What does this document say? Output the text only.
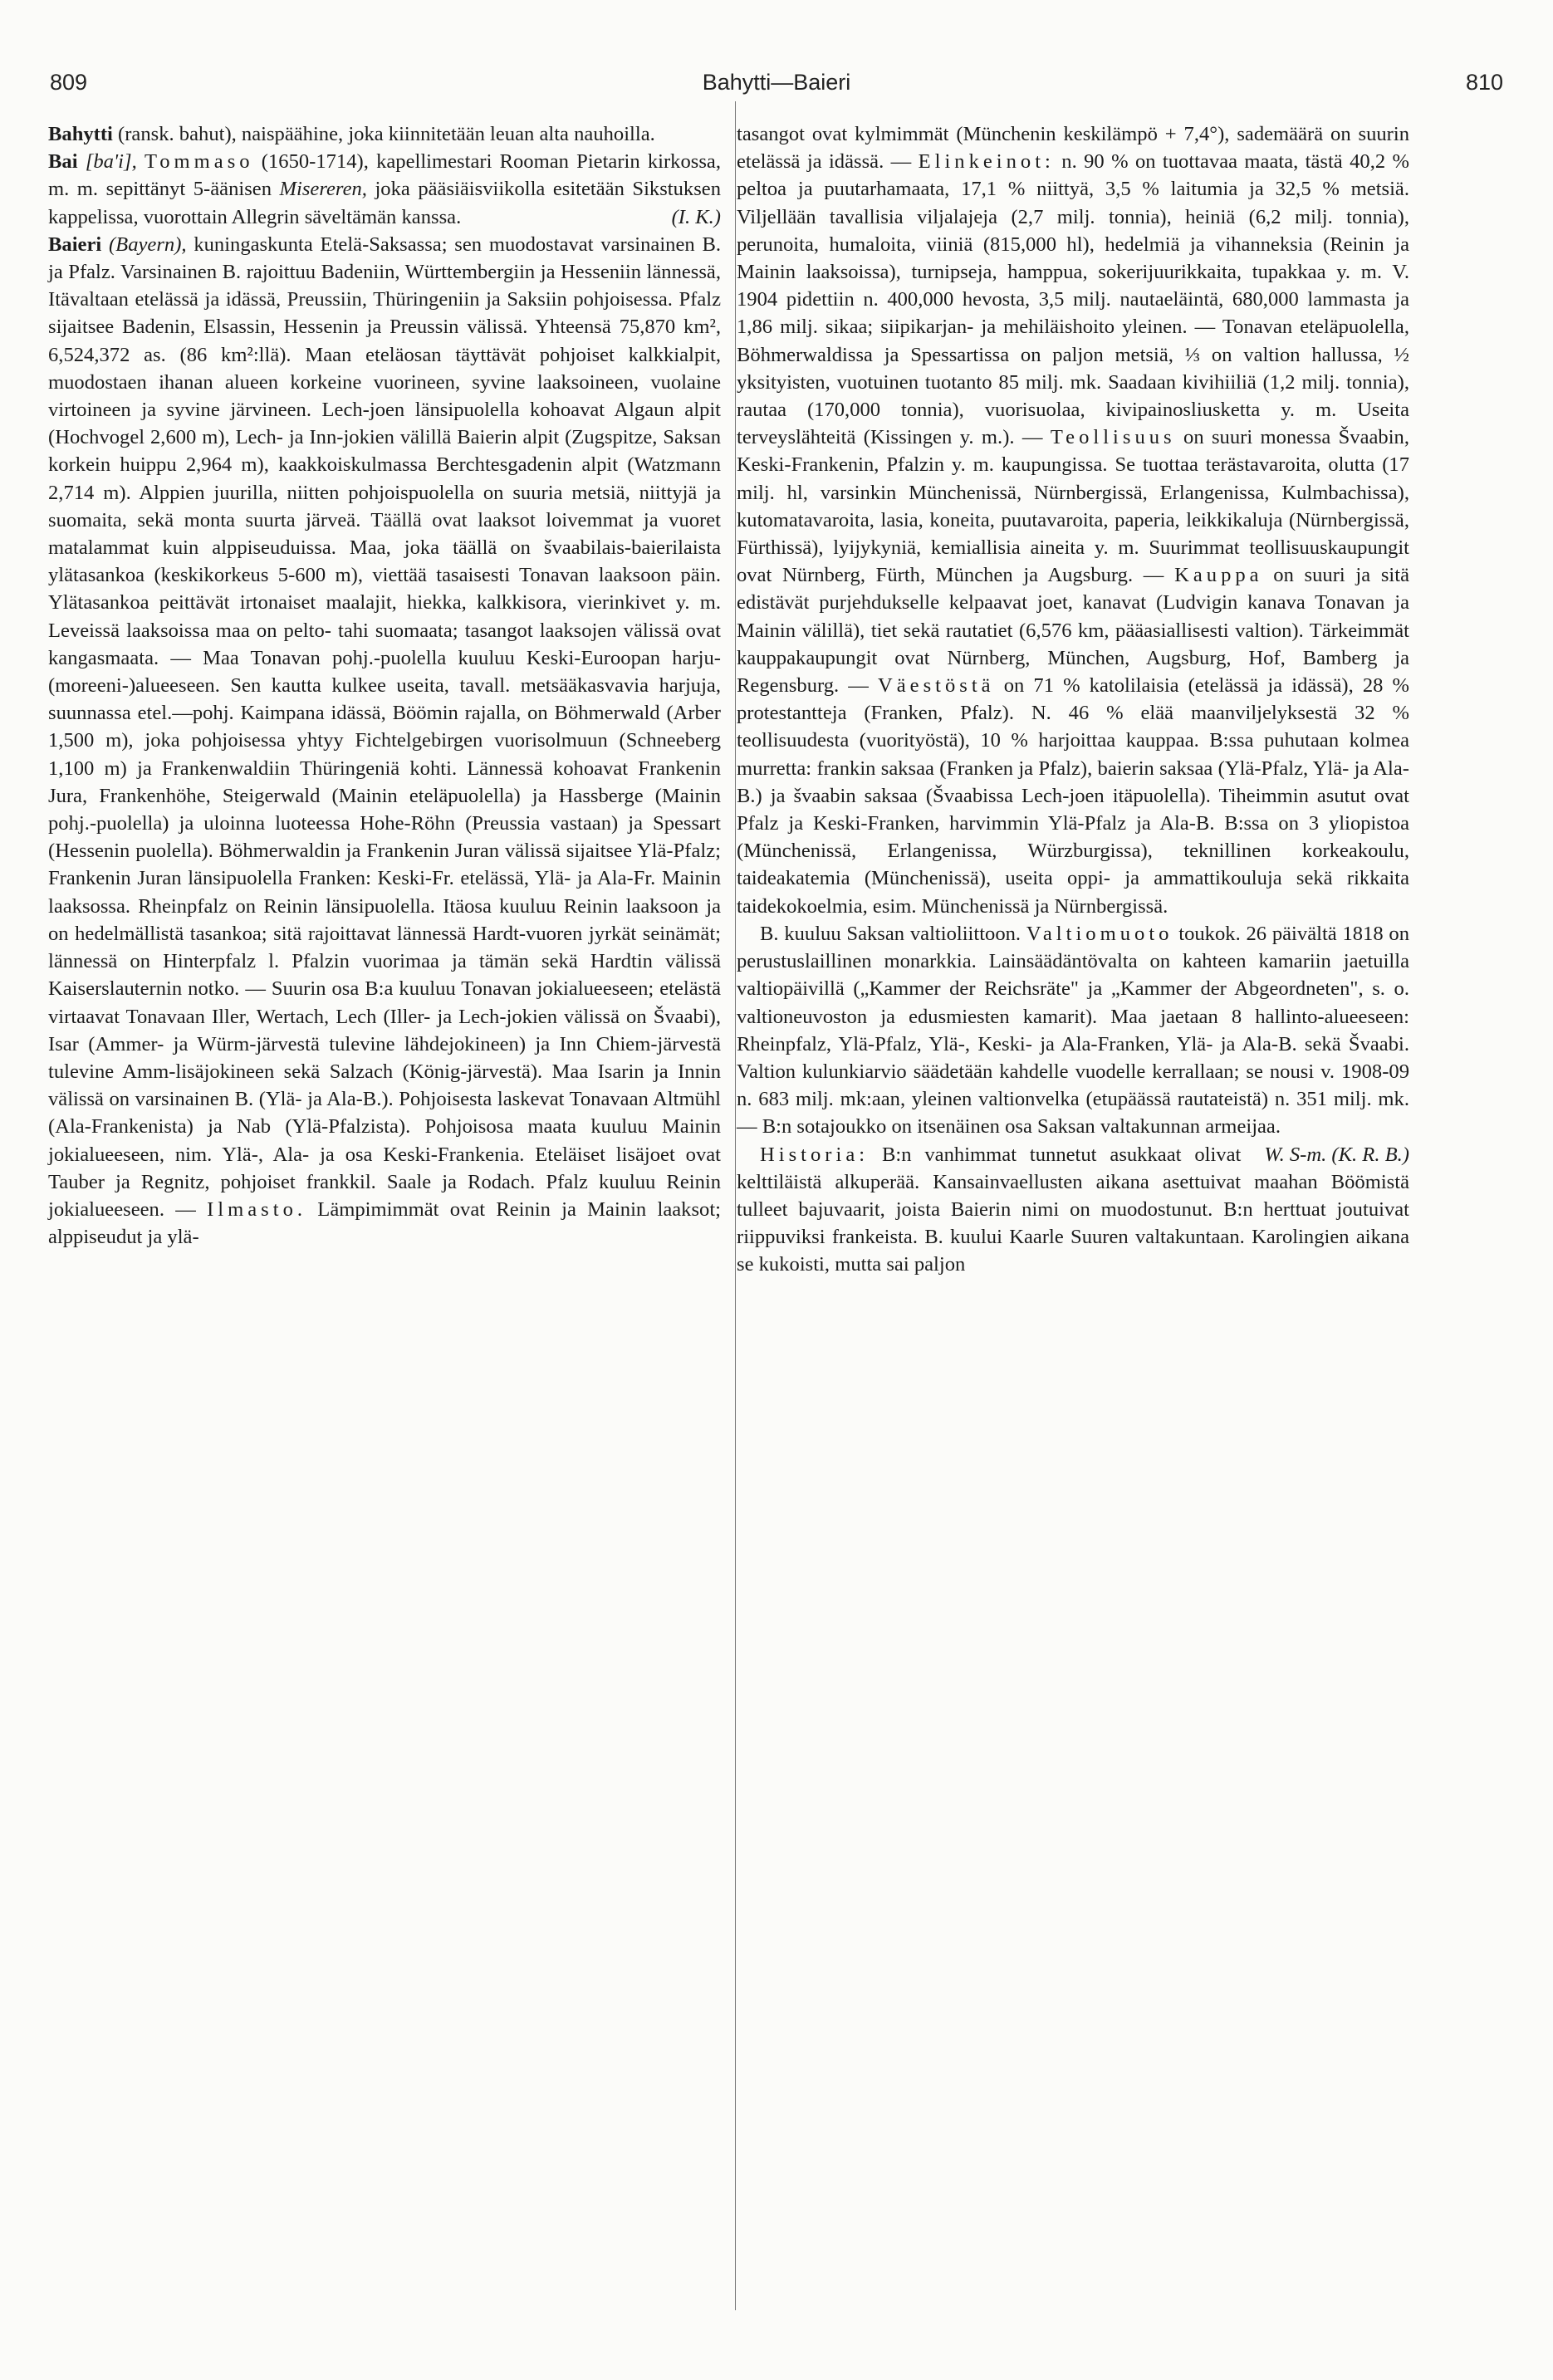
809	Bahytti—Baieri	810

Bahytti (ransk. bahut), naispäähine, joka kiinnitetään leuan alta nauhoilla.

Bai [ba'i], Tommaso (1650-1714), kapellimestari Rooman Pietarin kirkossa, m. m. sepittänyt 5-äänisen Misereren, joka pääsiäisviikolla esitetään Sikstuksen kappelissa, vuorottain Allegrin säveltämän kanssa.	(I. K.)

Baieri (Bayern), kuningaskunta Etelä-Saksassa; sen muodostavat varsinainen B. ja Pfalz. Varsinainen B. rajoittuu Badeniin, Württembergiin ja Hesseniin lännessä, Itävaltaan etelässä ja idässä, Preussiin, Thüringeniin ja Saksiin pohjoisessa. Pfalz sijaitsee Badenin, Elsassin, Hessenin ja Preussin välissä. Yhteensä 75,870 km², 6,524,372 as. (86 km²:llä). Maan eteläosan täyttävät pohjoiset kalkkialpit, muodostaen ihanan alueen korkeine vuorineen, syvine laaksoineen, vuolaine virtoineen ja syvine järvineen. Lech-joen länsipuolella kohoavat Algaun alpit (Hochvogel 2,600 m), Lech- ja Inn-jokien välillä Baierin alpit (Zugspitze, Saksan korkein huippu 2,964 m), kaakkoiskulmassa Berchtesgadenin alpit (Watzmann 2,714 m). Alppien juurilla, niitten pohjoispuolella on suuria metsiä, niittyjä ja suomaita, sekä monta suurta järveä. Täällä ovat laaksot loivemmat ja vuoret matalammat kuin alppiseuduissa. Maa, joka täällä on švaabilais-baierilaista ylätasankoa (keskikorkeus 5-600 m), viettää tasaisesti Tonavan laaksoon päin. Ylätasankoa peittävät irtonaiset maalajit, hiekka, kalkkisora, vierinkivet y. m. Leveissä laaksoissa maa on pelto- tahi suomaata; tasangot laaksojen välissä ovat kangasmaata. — Maa Tonavan pohj.-puolella kuuluu Keski-Euroopan harju- (moreeni-)alueeseen. Sen kautta kulkee useita, tavall. metsääkasvavia harjuja, suunnassa etel.—pohj. Kaimpana idässä, Böömin rajalla, on Böhmerwald (Arber 1,500 m), joka pohjoisessa yhtyy Fichtelgebirgen vuorisolmuun (Schneeberg 1,100 m) ja Frankenwaldiin Thüringeniä kohti. Lännessä kohoavat Frankenin Jura, Frankenhöhe, Steigerwald (Mainin eteläpuolella) ja Hassberge (Mainin pohj.-puolella) ja uloinna luoteessa Hohe-Röhn (Preussia vastaan) ja Spessart (Hessenin puolella). Böhmerwaldin ja Frankenin Juran välissä sijaitsee Ylä-Pfalz; Frankenin Juran länsipuolella Franken: Keski-Fr. etelässä, Ylä- ja Ala-Fr. Mainin laaksossa. Rheinpfalz on Reinin länsipuolella. Itäosa kuuluu Reinin laaksoon ja on hedelmällistä tasankoa; sitä rajoittavat lännessä Hardt-vuoren jyrkät seinämät; lännessä on Hinterpfalz l. Pfalzin vuorimaa ja tämän sekä Hardtin välissä Kaiserslauternin notko. — Suurin osa B:a kuuluu Tonavan jokialueeseen; etelästä virtaavat Tonavaan Iller, Wertach, Lech (Iller- ja Lech-jokien välissä on Švaabi), Isar (Ammer- ja Würm-järvestä tulevine lähdejokineen) ja Inn Chiem-järvestä tulevine Amm-lisäjokineen sekä Salzach (König-järvestä). Maa Isarin ja Innin välissä on varsinainen B. (Ylä- ja Ala-B.). Pohjoisesta laskevat Tonavaan Altmühl (Ala-Frankenista) ja Nab (Ylä-Pfalzista). Pohjoisosa maata kuuluu Mainin jokialueeseen, nim. Ylä-, Ala- ja osa Keski-Frankenia. Eteläiset lisäjoet ovat Tauber ja Regnitz, pohjoiset frankkil. Saale ja Rodach. Pfalz kuuluu Reinin jokialueeseen. — Ilmasto. Lämpimimmät ovat Reinin ja Mainin laaksot; alppiseudut ja ylä-

tasangot ovat kylmimmät (Münchenin keskilämpö + 7,4°), sademäärä on suurin etelässä ja idässä. — Elinkeinot: n. 90 % on tuottavaa maata, tästä 40,2 % peltoa ja puutarhamaata, 17,1 % niittyä, 3,5 % laitumia ja 32,5 % metsiä. Viljellään tavallisia viljalajeja (2,7 milj. tonnia), heiniä (6,2 milj. tonnia), perunoita, humaloita, viiniä (815,000 hl), hedelmiä ja vihanneksia (Reinin ja Mainin laaksoissa), turnipseja, hamppua, sokerijuurikkaita, tupakkaa y. m. V. 1904 pidettiin n. 400,000 hevosta, 3,5 milj. nautaeläintä, 680,000 lammasta ja 1,86 milj. sikaa; siipikarjan- ja mehiläishoito yleinen. — Tonavan eteläpuolella, Böhmerwaldissa ja Spessartissa on paljon metsiä, ⅓ on valtion hallussa, ½ yksityisten, vuotuinen tuotanto 85 milj. mk. Saadaan kivihiiliä (1,2 milj. tonnia), rautaa (170,000 tonnia), vuorisuolaa, kivipainosliusketta y. m. Useita terveyslähteitä (Kissingen y. m.). — Teollisuus on suuri monessa Švaabin, Keski-Frankenin, Pfalzin y. m. kaupungissa. Se tuottaa terästavaroita, olutta (17 milj. hl, varsinkin Münchenissä, Nürnbergissä, Erlangenissa, Kulmbachissa), kutomatavaroita, lasia, koneita, puutavaroita, paperia, leikkikaluja (Nürnbergissä, Fürthissä), lyijykyniä, kemiallisia aineita y. m. Suurimmat teollisuuskaupungit ovat Nürnberg, Fürth, München ja Augsburg. — Kauppa on suuri ja sitä edistävät purjehdukselle kelpaavat joet, kanavat (Ludvigin kanava Tonavan ja Mainin välillä), tiet sekä rautatiet (6,576 km, pääasiallisesti valtion). Tärkeimmät kauppakaupungit ovat Nürnberg, München, Augsburg, Hof, Bamberg ja Regensburg. — Väestöstä on 71 % katolilaisia (etelässä ja idässä), 28 % protestantteja (Franken, Pfalz). N. 46 % elää maanviljelyksestä 32 % teollisuudesta (vuorityöstä), 10 % harjoittaa kauppaa. B:ssa puhutaan kolmea murretta: frankin saksaa (Franken ja Pfalz), baierin saksaa (Ylä-Pfalz, Ylä- ja Ala-B.) ja švaabin saksaa (Švaabissa Lech-joen itäpuolella). Tiheimmin asutut ovat Pfalz ja Keski-Franken, harvimmin Ylä-Pfalz ja Ala-B. B:ssa on 3 yliopistoa (Münchenissä, Erlangenissa, Würzburgissa), teknillinen korkeakoulu, taideakatemia (Münchenissä), useita oppi- ja ammattikouluja sekä rikkaita taidekokoelmia, esim. Münchenissä ja Nürnbergissä.

B. kuuluu Saksan valtioliittoon. Valtiomuoto toukok. 26 päivältä 1818 on perustuslaillinen monarkkia. Lainsäädäntövalta on kahteen kamariin jaetuilla valtiopäivillä („Kammer der Reichsräte" ja „Kammer der Abgeordneten", s. o. valtioneuvoston ja edusmiesten kamarit). Maa jaetaan 8 hallinto-alueeseen: Rheinpfalz, Ylä-Pfalz, Ylä-, Keski- ja Ala-Franken, Ylä- ja Ala-B. sekä Švaabi. Valtion kulunkiarvio säädetään kahdelle vuodelle kerrallaan; se nousi v. 1908-09 n. 683 milj. mk:aan, yleinen valtionvelka (etupäässä rautateistä) n. 351 milj. mk. — B:n sotajoukko on itsenäinen osa Saksan valtakunnan armeijaa.
W. S-m. (K. R. B.)

Historia: B:n vanhimmat tunnetut asukkaat olivat kelttiläistä alkuperää. Kansainvaellusten aikana asettuivat maahan Böömistä tulleet bajuvaarit, joista Baierin nimi on muodostunut. B:n herttuat joutuivat riippuviksi frankeista. B. kuului Kaarle Suuren valtakuntaan. Karolingien aikana se kukoisti, mutta sai paljon
